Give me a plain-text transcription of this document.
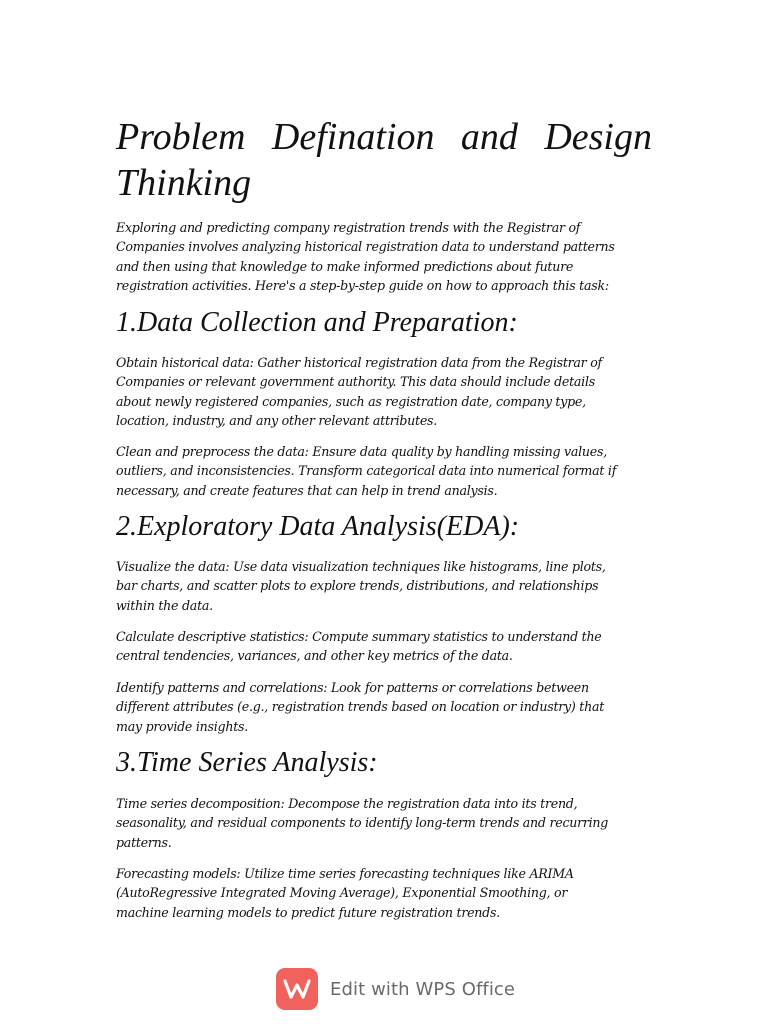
Problem Defination and Design
Thinking

Exploring and predicting company registration trends with the Registrar of
Companies involves analyzing historical registration data to understand patterns
and then using that knowledge to make informed predictions about future
registration activities. Here's a step-by-step guide on how to approach this task:

1.Data Collection and Preparation:

Obtain historical data: Gather historical registration data from the Registrar of
Companies or relevant government authority. This data should include details
about newly registered companies, such as registration date, company type,
location, industry, and any other relevant attributes.

Clean and preprocess the data: Ensure data quality by handling missing values,
outliers, and inconsistencies. Transform categorical data into numerical format if
necessary, and create features that can help in trend analysis.

2.Exploratory Data Analysis(EDA):

Visualize the data: Use data visualization techniques like histograms, line plots,
bar charts, and scatter plots to explore trends, distributions, and relationships
within the data.

Calculate descriptive statistics: Compute summary statistics to understand the
central tendencies, variances, and other key metrics of the data.

Identify patterns and correlations: Look for patterns or correlations between
different attributes (e.g., registration trends based on location or industry) that
may provide insights.

3.Time Series Analysis:

Time series decomposition: Decompose the registration data into its trend,
seasonality, and residual components to identify long-term trends and recurring
patterns.

Forecasting models: Utilize time series forecasting techniques like ARIMA
(AutoRegressive Integrated Moving Average), Exponential Smoothing, or
machine learning models to predict future registration trends.

Edit with WPS Office
